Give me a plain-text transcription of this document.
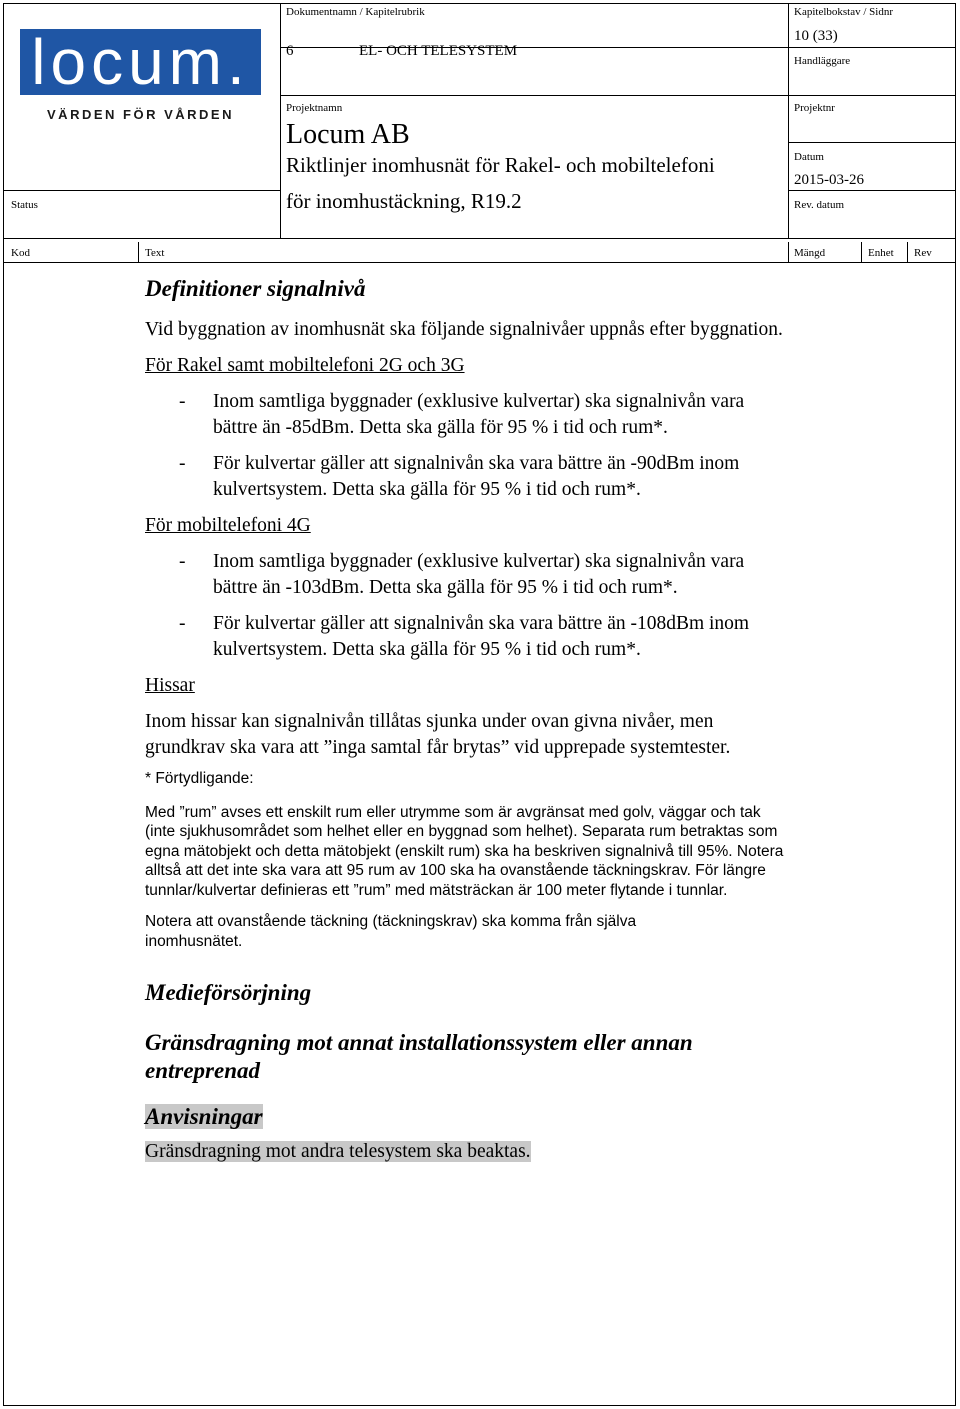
locum.
VÄRDEN FÖR VÅRDEN
Dokumentnamn / Kapitelrubrik
6	EL- OCH TELESYSTEM
Kapitelbokstav / Sidnr
10 (33)
Handläggare
Projektnamn
Locum AB
Riktlinjer inomhusnät för Rakel- och mobiltelefoni
för inomhustäckning, R19.2
Projektnr
Datum
2015-03-26
Status	Rev. datum
Kod	Text	Mängd	Enhet Rev
Definitioner signalnivå

Vid byggnation av inomhusnät ska följande signalnivåer uppnås efter byggnation.

För Rakel samt mobiltelefoni 2G och 3G

- Inom samtliga byggnader (exklusive kulvertar) ska signalnivån vara bättre än -85dBm. Detta ska gälla för 95 % i tid och rum*.
- För kulvertar gäller att signalnivån ska vara bättre än -90dBm inom kulvertsystem. Detta ska gälla för 95 % i tid och rum*.

För mobiltelefoni 4G

- Inom samtliga byggnader (exklusive kulvertar) ska signalnivån vara bättre än -103dBm. Detta ska gälla för 95 % i tid och rum*.
- För kulvertar gäller att signalnivån ska vara bättre än -108dBm inom kulvertsystem. Detta ska gälla för 95 % i tid och rum*.

Hissar

Inom hissar kan signalnivån tillåtas sjunka under ovan givna nivåer, men grundkrav ska vara att ”inga samtal får brytas” vid upprepade systemtester.

* Förtydligande:

Med ”rum” avses ett enskilt rum eller utrymme som är avgränsat med golv, väggar och tak (inte sjukhusområdet som helhet eller en byggnad som helhet). Separata rum betraktas som egna mätobjekt och detta mätobjekt (enskilt rum) ska ha beskriven signalnivå till 95%. Notera alltså att det inte ska vara att 95 rum av 100 ska ha ovanstående täckningskrav. För längre tunnlar/kulvertar definieras ett ”rum” med mätsträckan är 100 meter flytande i tunnlar.

Notera att ovanstående täckning (täckningskrav) ska komma från själva inomhusnätet.

Medieförsörjning
Gränsdragning mot annat installationssystem eller annan entreprenad
Anvisningar

Gränsdragning mot andra telesystem ska beaktas.
